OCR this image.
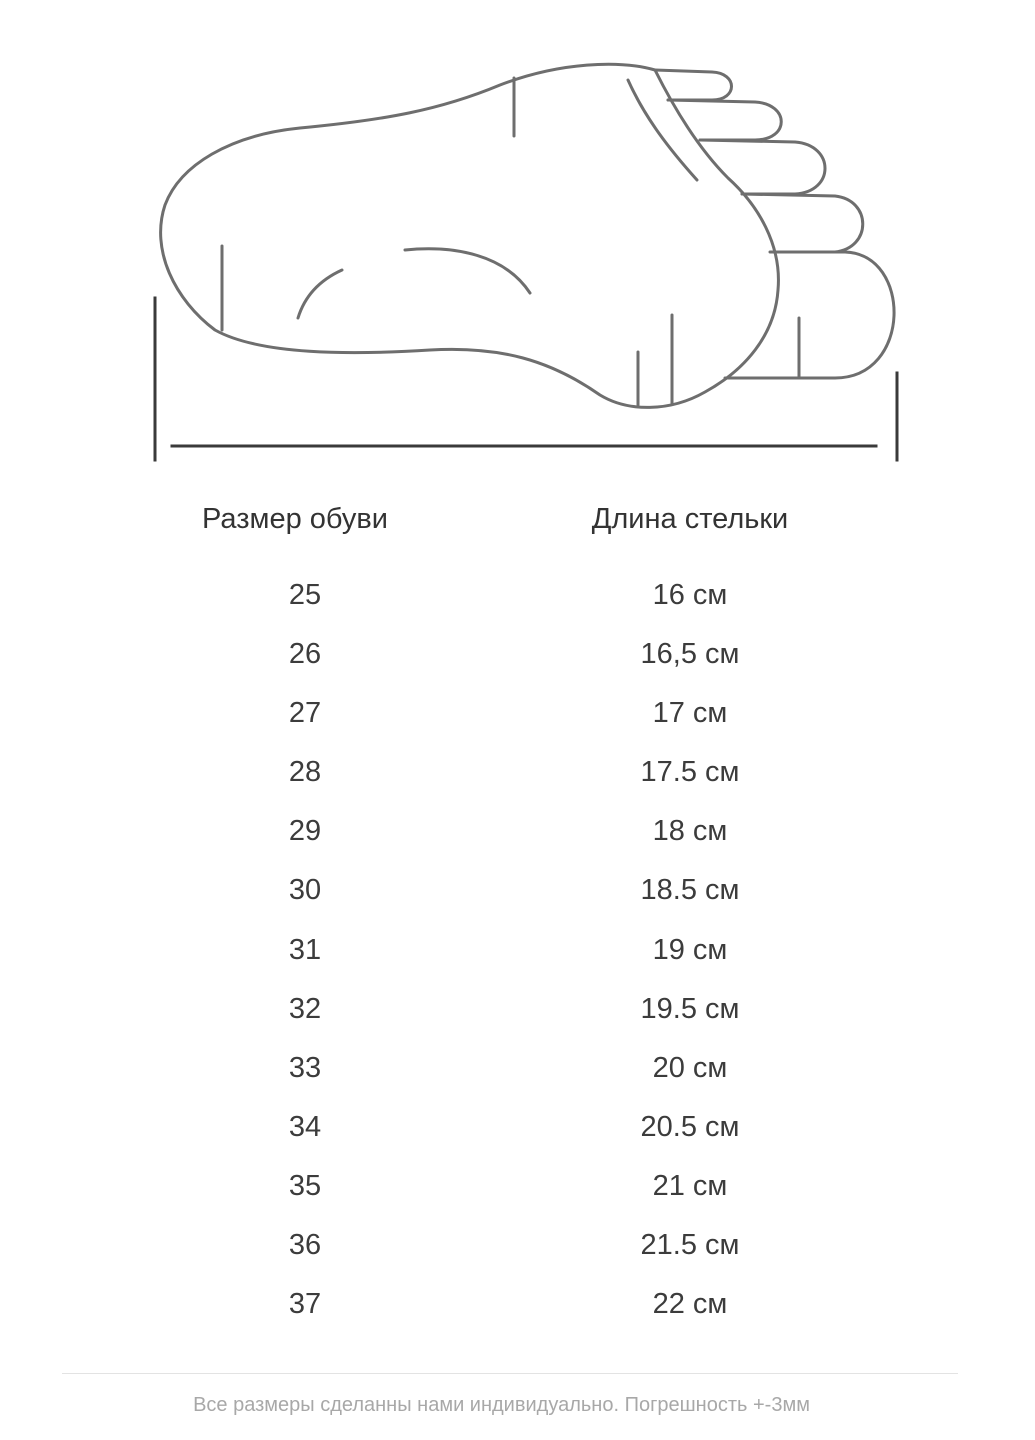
Размер обуви	Длина стельки
25	16 см
26	16,5 см
27	17 см
28	17.5 см
29	18 см
30	18.5 см
31	19 см
32	19.5 см
33	20 см
34	20.5 см
35	21 см
36	21.5 см
37	22 см
Все размеры сделанны нами индивидуально. Погрешность +-3мм
